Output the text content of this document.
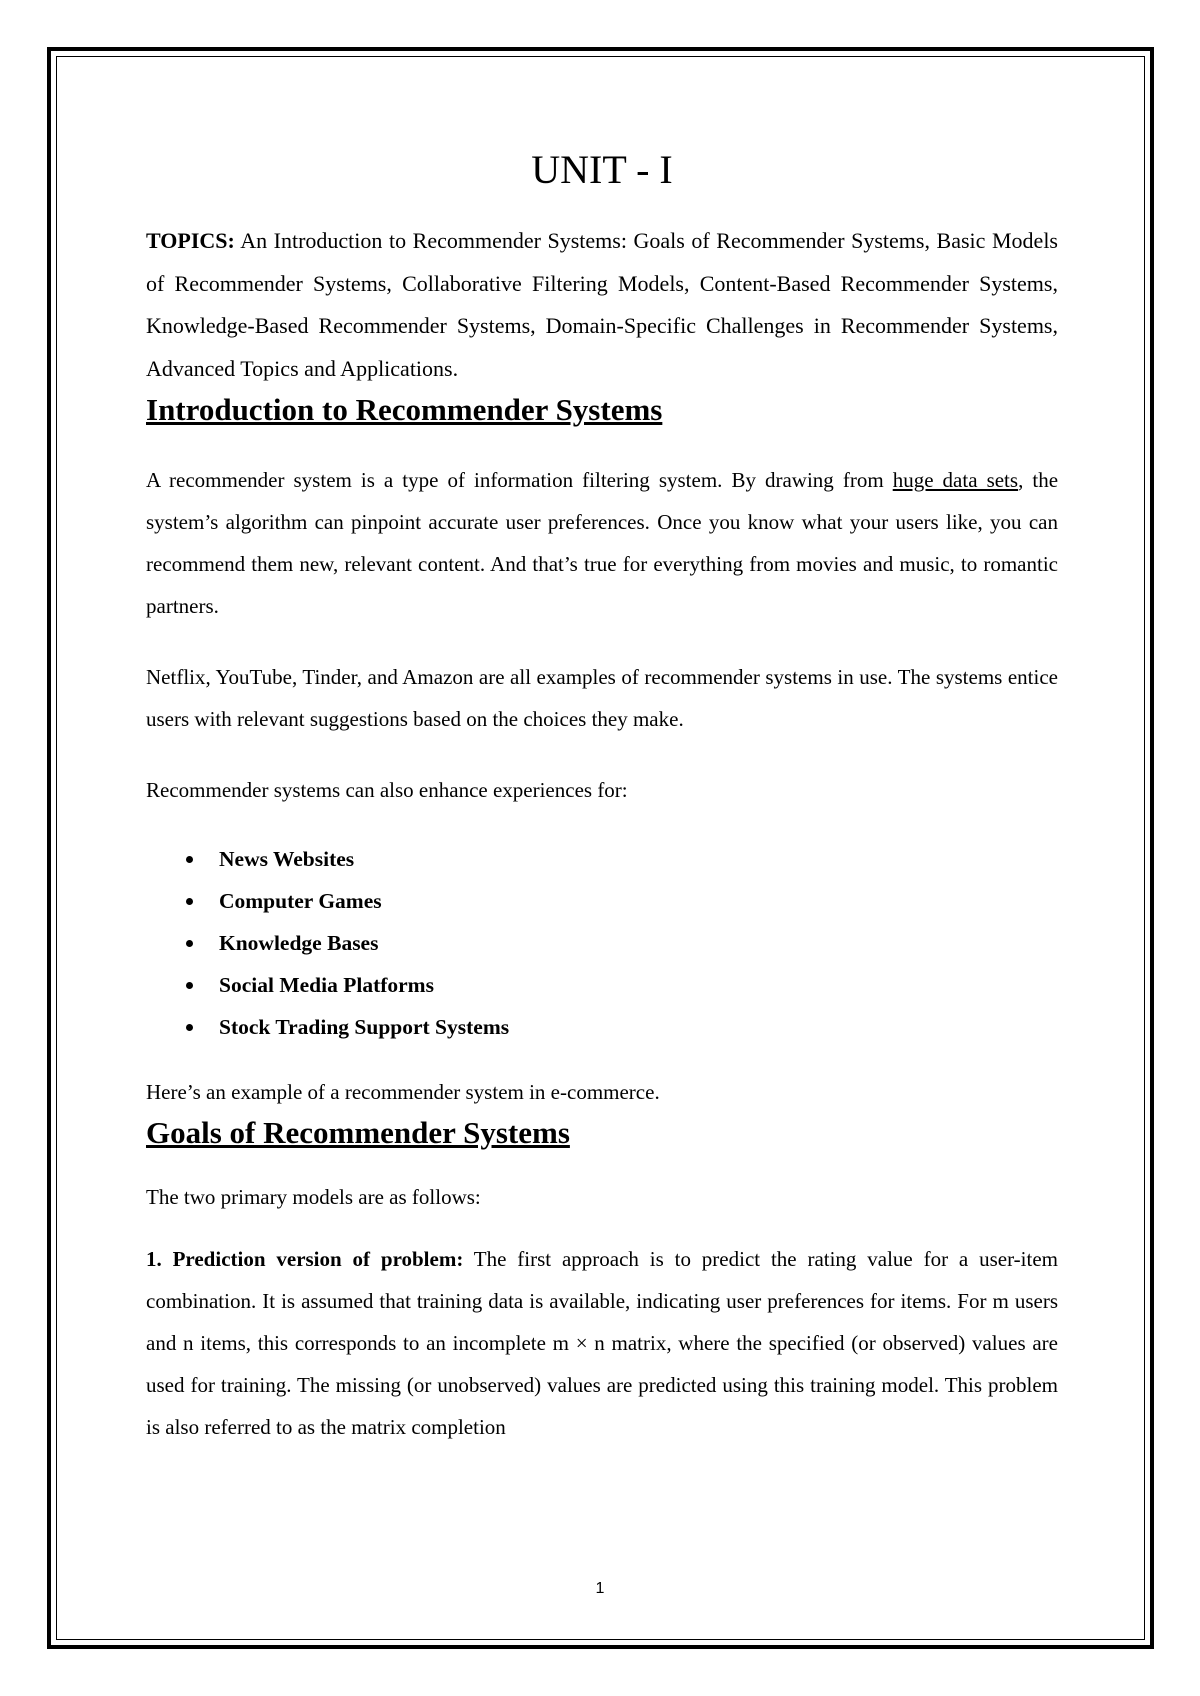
UNIT - I

TOPICS: An Introduction to Recommender Systems: Goals of Recommender Systems, Basic Models of Recommender Systems, Collaborative Filtering Models, Content-Based Recommender Systems, Knowledge-Based Recommender Systems, Domain-Specific Challenges in Recommender Systems, Advanced Topics and Applications.

Introduction to Recommender Systems

A recommender system is a type of information filtering system. By drawing from huge data sets, the system’s algorithm can pinpoint accurate user preferences. Once you know what your users like, you can recommend them new, relevant content. And that’s true for everything from movies and music, to romantic partners.

Netflix, YouTube, Tinder, and Amazon are all examples of recommender systems in use. The systems entice users with relevant suggestions based on the choices they make.

Recommender systems can also enhance experiences for:

News Websites
Computer Games
Knowledge Bases
Social Media Platforms
Stock Trading Support Systems

Here’s an example of a recommender system in e-commerce.

Goals of Recommender Systems

The two primary models are as follows:

1. Prediction version of problem: The first approach is to predict the rating value for a user-item combination. It is assumed that training data is available, indicating user preferences for items. For m users and n items, this corresponds to an incomplete m × n matrix, where the specified (or observed) values are used for training. The missing (or unobserved) values are predicted using this training model. This problem is also referred to as the matrix completion

1
